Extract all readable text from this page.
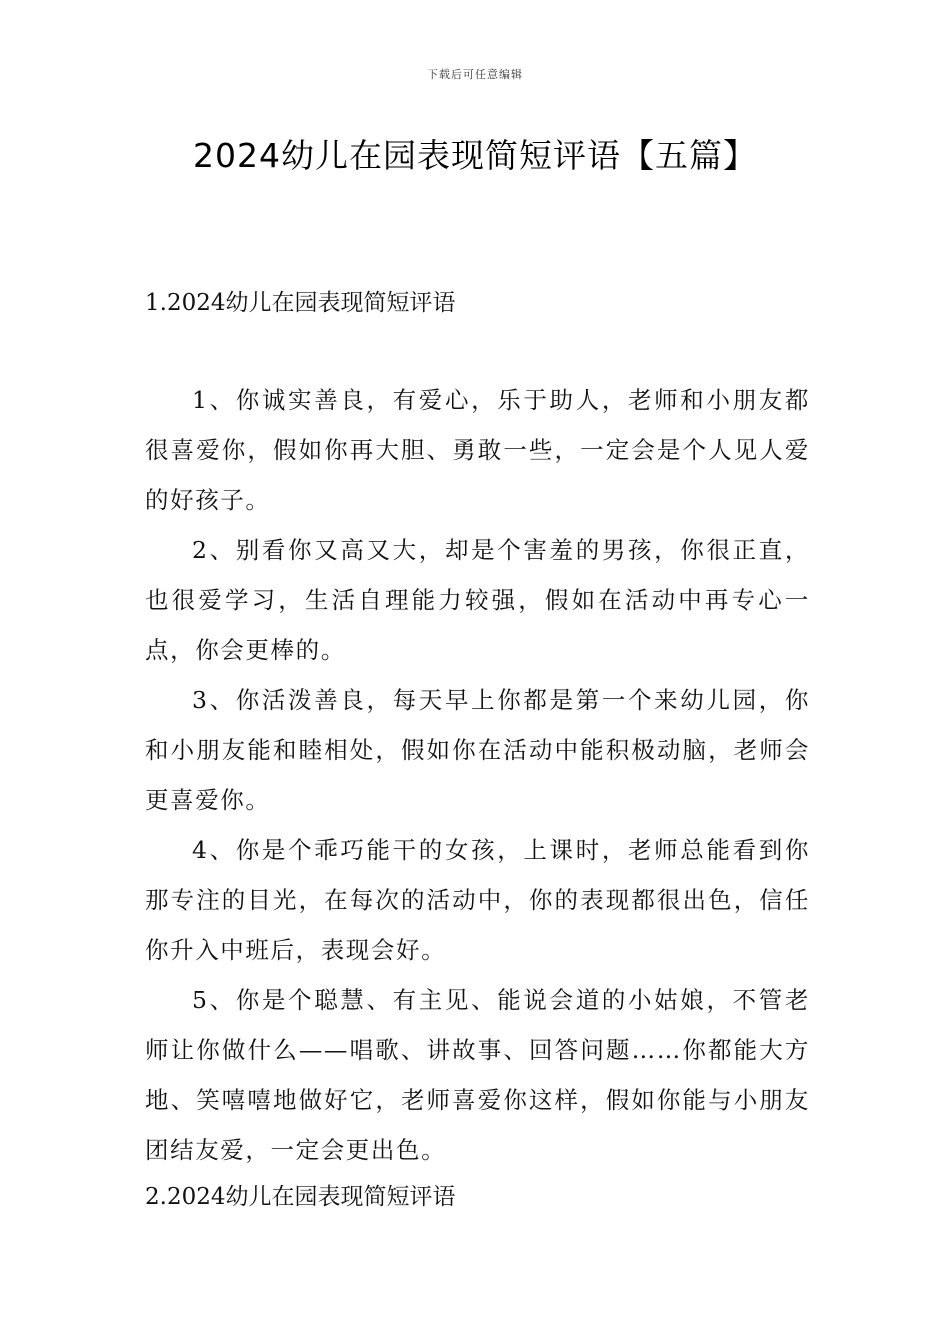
下载后可任意编辑
2024幼儿在园表现简短评语【五篇】
1.2024幼儿在园表现简短评语

1、你诚实善良，有爱心，乐于助人，老师和小朋友都很喜爱你，假如你再大胆、勇敢一些，一定会是个人见人爱的好孩子。

2、别看你又高又大，却是个害羞的男孩，你很正直，也很爱学习，生活自理能力较强，假如在活动中再专心一点，你会更棒的。

3、你活泼善良，每天早上你都是第一个来幼儿园，你和小朋友能和睦相处，假如你在活动中能积极动脑，老师会更喜爱你。

4、你是个乖巧能干的女孩，上课时，老师总能看到你那专注的目光，在每次的活动中，你的表现都很出色，信任你升入中班后，表现会好。

5、你是个聪慧、有主见、能说会道的小姑娘，不管老师让你做什么——唱歌、讲故事、回答问题……你都能大方地、笑嘻嘻地做好它，老师喜爱你这样，假如你能与小朋友团结友爱，一定会更出色。

2.2024幼儿在园表现简短评语
